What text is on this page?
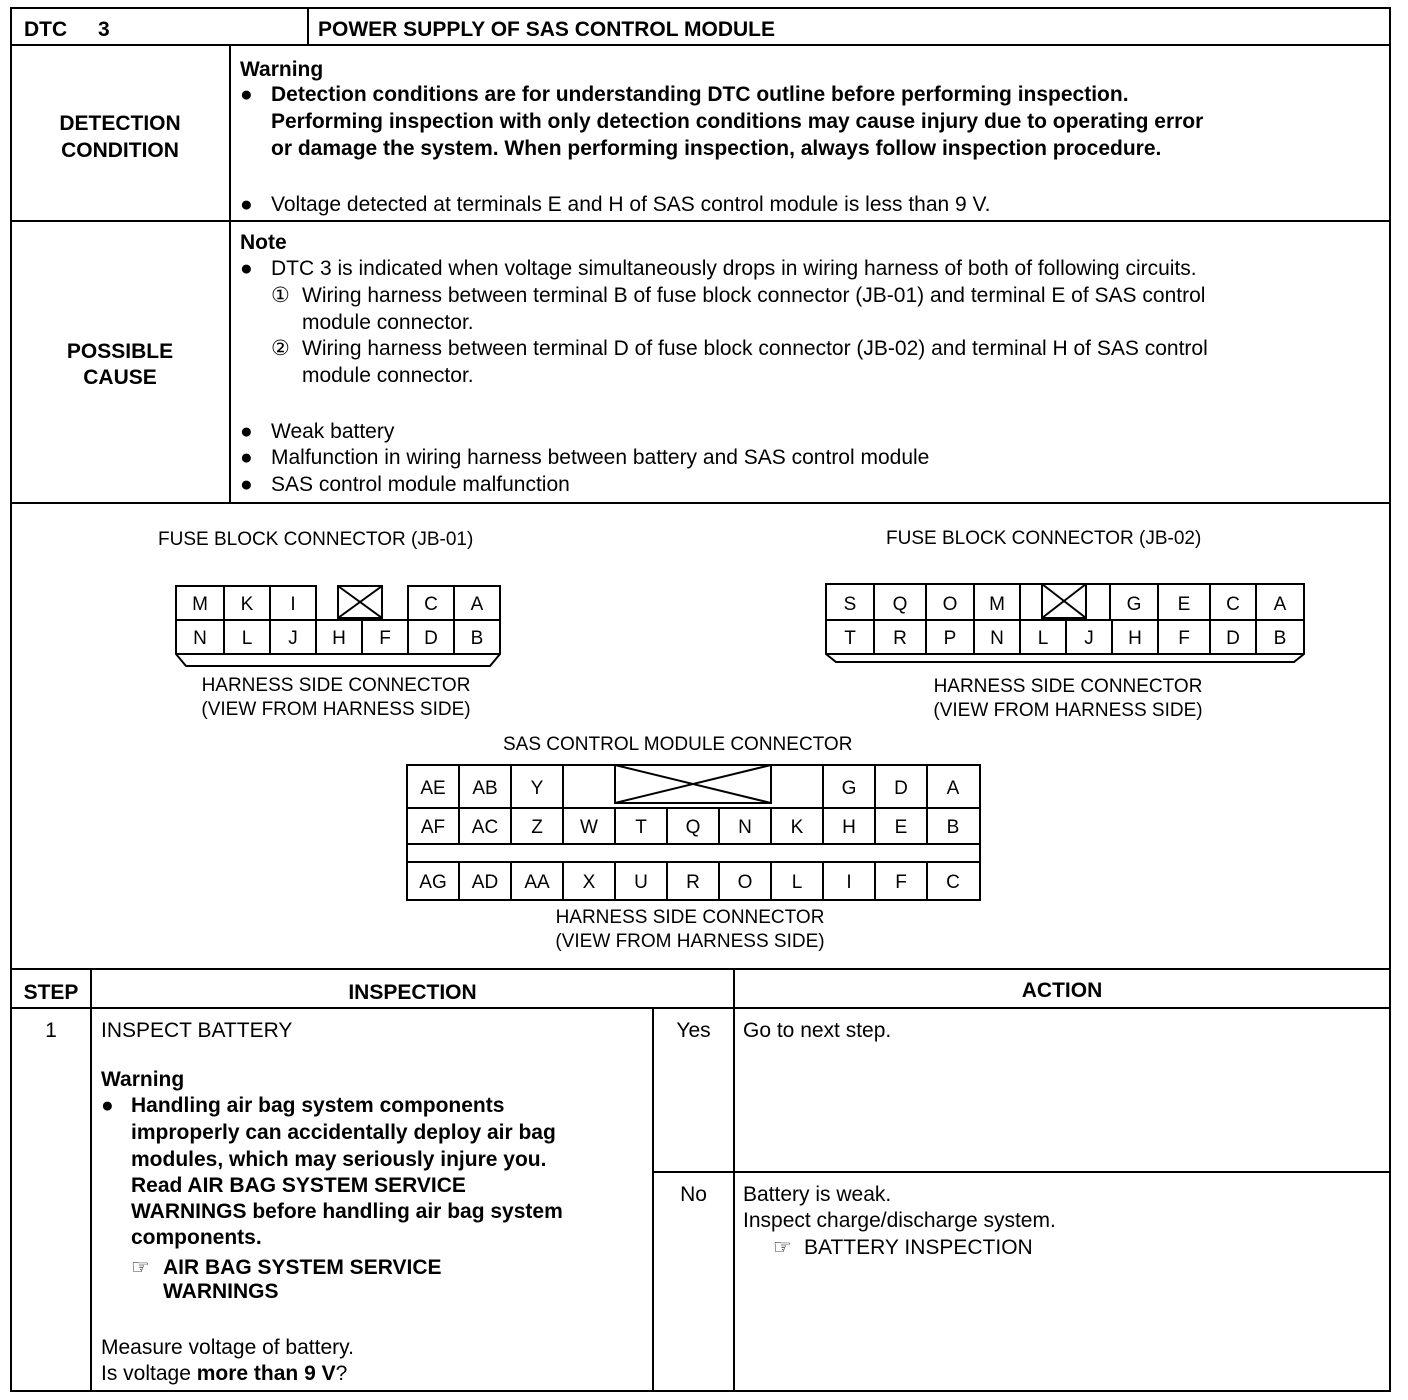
DTC 3	POWER SUPPLY OF SAS CONTROL MODULE
DETECTION
CONDITION
Warning
● Detection conditions are for understanding DTC outline before performing inspection.
Performing inspection with only detection conditions may cause injury due to operating error
or damage the system. When performing inspection, always follow inspection procedure.
● Voltage detected at terminals E and H of SAS control module is less than 9 V.
POSSIBLE
CAUSE
Note
● DTC 3 is indicated when voltage simultaneously drops in wiring harness of both of following circuits.
① Wiring harness between terminal B of fuse block connector (JB-01) and terminal E of SAS control
module connector.
② Wiring harness between terminal D of fuse block connector (JB-02) and terminal H of SAS control
module connector.
● Weak battery
● Malfunction in wiring harness between battery and SAS control module
● SAS control module malfunction
FUSE BLOCK CONNECTOR (JB-01)	FUSE BLOCK CONNECTOR (JB-02)
HARNESS SIDE CONNECTOR
(VIEW FROM HARNESS SIDE)
HARNESS SIDE CONNECTOR
(VIEW FROM HARNESS SIDE)
SAS CONTROL MODULE CONNECTOR
HARNESS SIDE CONNECTOR
(VIEW FROM HARNESS SIDE)
M K I	C A
N L J H F D B
S Q O M	G E C A
T R P N L J H F D B
AE AB Y	G D A
AF AC Z W T Q N K H E B
AG AD AA X U R O L I F C
STEP	INSPECTION	ACTION
1	INSPECT BATTERY
Warning
● Handling air bag system components
improperly can accidentally deploy air bag
modules, which may seriously injure you.
Read AIR BAG SYSTEM SERVICE
WARNINGS before handling air bag system
components.
☞ AIR BAG SYSTEM SERVICE
WARNINGS
Measure voltage of battery.
Is voltage more than 9 V?
Yes	Go to next step.
No	Battery is weak.
Inspect charge/discharge system.
☞ BATTERY INSPECTION
